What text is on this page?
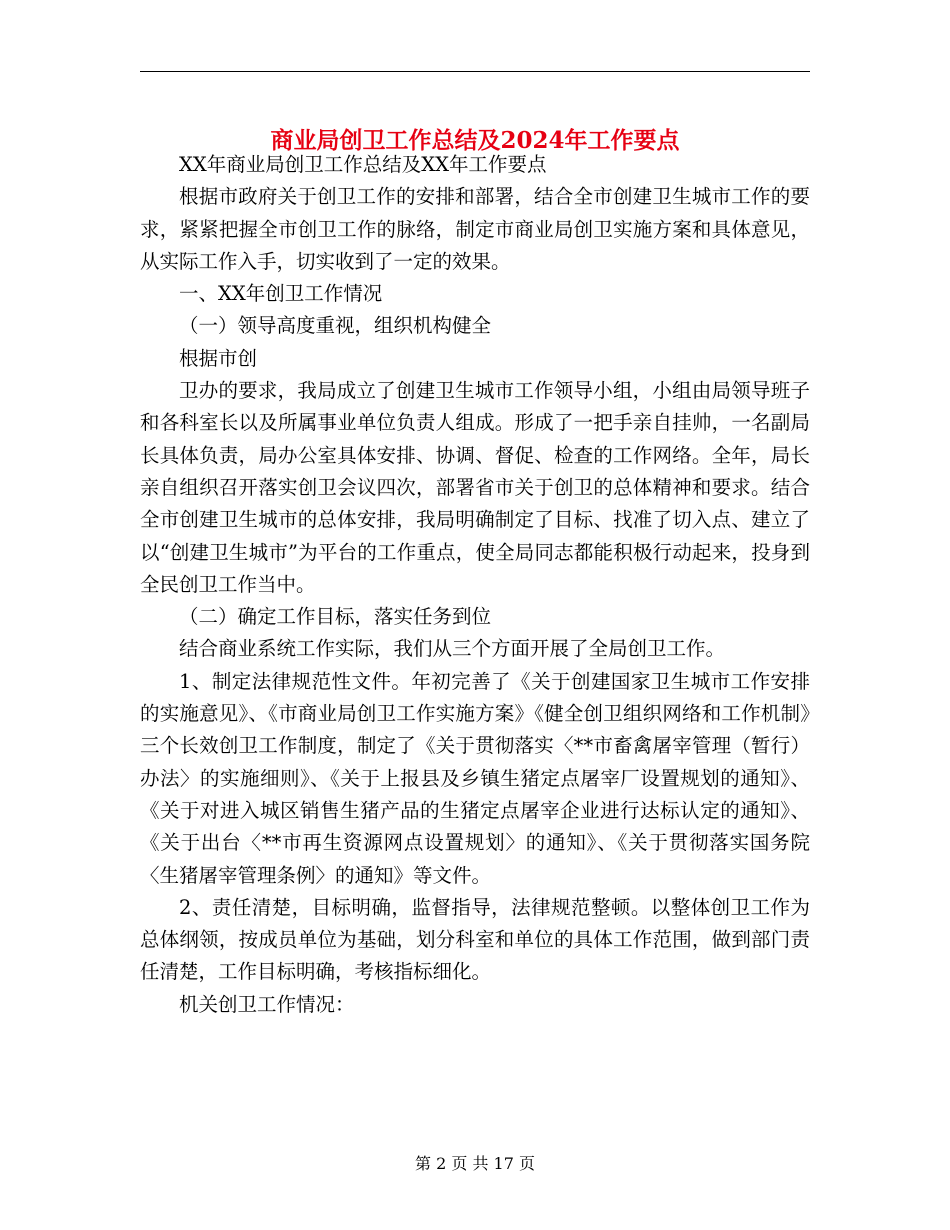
商业局创卫工作总结及2024年工作要点

XX年商业局创卫工作总结及XX年工作要点

根据市政府关于创卫工作的安排和部署，结合全市创建卫生城市工作的要求，紧紧把握全市创卫工作的脉络，制定市商业局创卫实施方案和具体意见，从实际工作入手，切实收到了一定的效果。

一、XX年创卫工作情况

（一）领导高度重视，组织机构健全

根据市创

卫办的要求，我局成立了创建卫生城市工作领导小组，小组由局领导班子和各科室长以及所属事业单位负责人组成。形成了一把手亲自挂帅，一名副局长具体负责，局办公室具体安排、协调、督促、检查的工作网络。全年，局长亲自组织召开落实创卫会议四次，部署省市关于创卫的总体精神和要求。结合全市创建卫生城市的总体安排，我局明确制定了目标、找准了切入点、建立了以“创建卫生城市”为平台的工作重点，使全局同志都能积极行动起来，投身到全民创卫工作当中。

（二）确定工作目标，落实任务到位

结合商业系统工作实际，我们从三个方面开展了全局创卫工作。

1、制定法律规范性文件。年初完善了《关于创建国家卫生城市工作安排的实施意见》、《市商业局创卫工作实施方案》《健全创卫组织网络和工作机制》三个长效创卫工作制度，制定了《关于贯彻落实〈**市畜禽屠宰管理（暂行）办法〉的实施细则》、《关于上报县及乡镇生猪定点屠宰厂设置规划的通知》、《关于对进入城区销售生猪产品的生猪定点屠宰企业进行达标认定的通知》、《关于出台〈**市再生资源网点设置规划〉的通知》、《关于贯彻落实国务院〈生猪屠宰管理条例〉的通知》等文件。

2、责任清楚，目标明确，监督指导，法律规范整顿。以整体创卫工作为总体纲领，按成员单位为基础，划分科室和单位的具体工作范围，做到部门责任清楚，工作目标明确，考核指标细化。

机关创卫工作情况：

第 2 页 共 17 页
